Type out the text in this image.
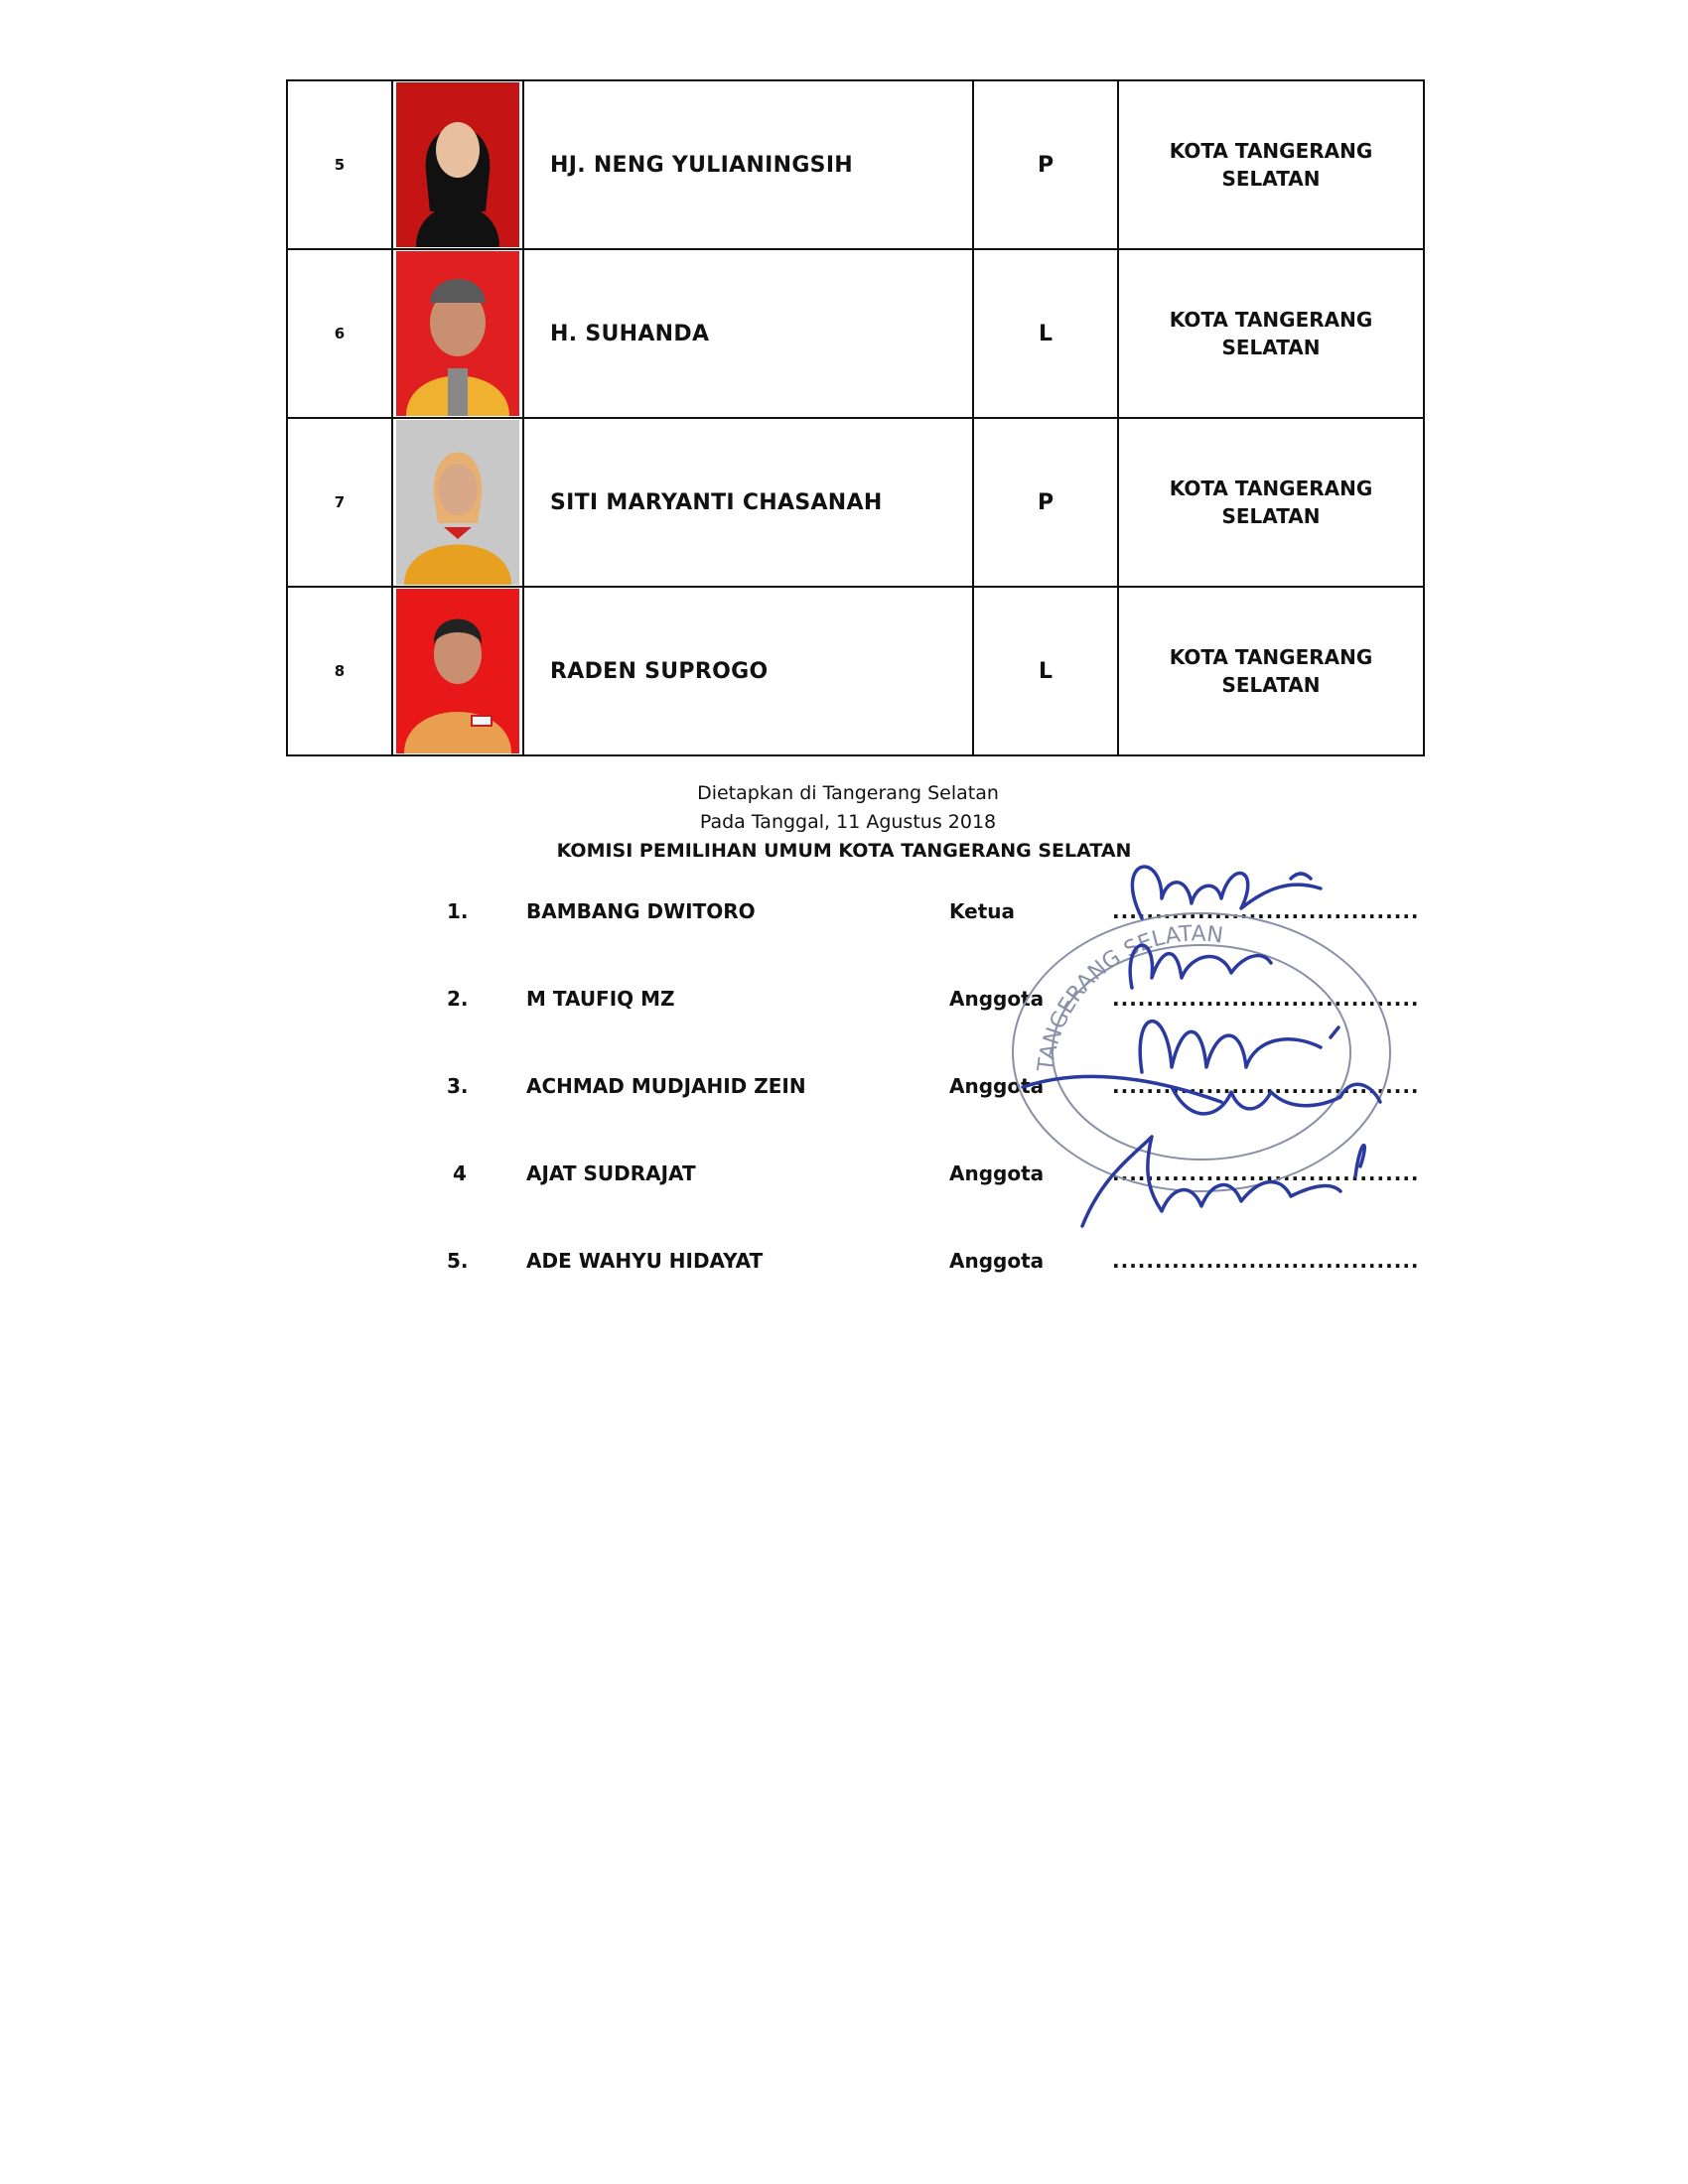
5		HJ. NENG YULIANINGSIH	P	KOTA TANGERANG
SELATAN
6		H. SUHANDA	L	KOTA TANGERANG
SELATAN
7		SITI MARYANTI CHASANAH	P	KOTA TANGERANG
SELATAN
8		RADEN SUPROGO	L	KOTA TANGERANG
SELATAN
Dietapkan di Tangerang Selatan
Pada Tanggal, 11 Agustus 2018
KOMISI PEMILIHAN UMUM KOTA TANGERANG SELATAN
1.	BAMBANG DWITORO	Ketua	....................................
2.	M TAUFIQ MZ	Anggota	....................................
3.	ACHMAD MUDJAHID ZEIN	Anggota	....................................
4	AJAT SUDRAJAT	Anggota	....................................
5.	ADE WAHYU HIDAYAT	Anggota	....................................
TANGERANG SELATAN
